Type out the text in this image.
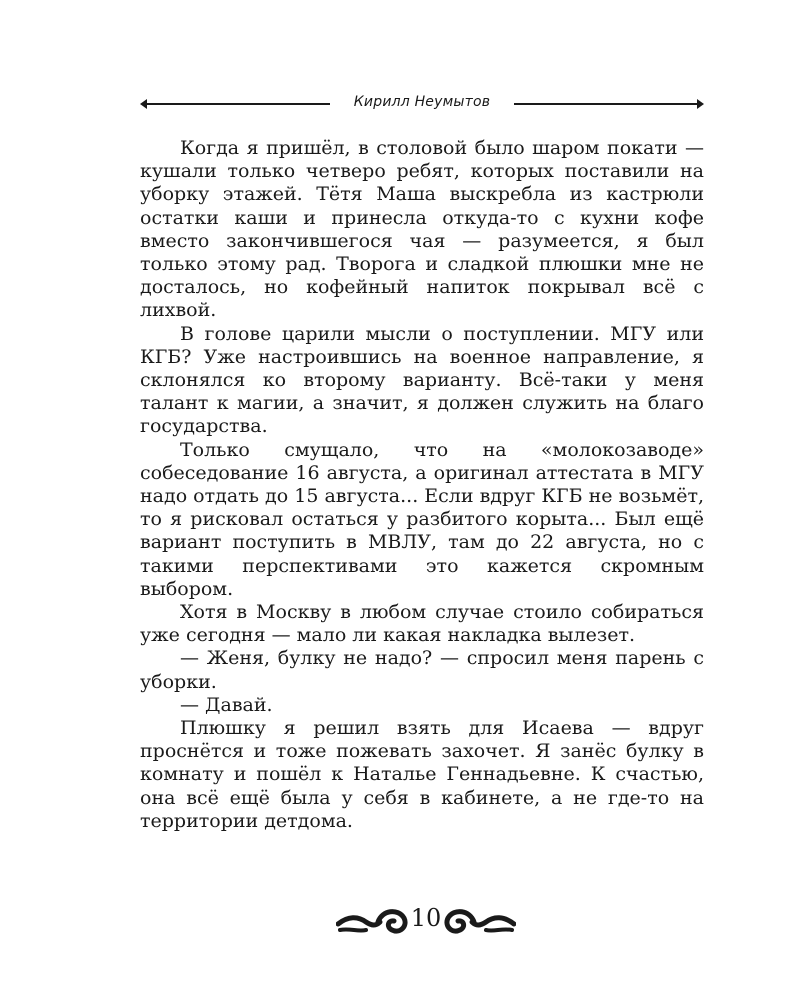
Кирилл Неумытов

Когда я пришёл, в столовой было шаром покати — кушали только четверо ребят, которых поставили на уборку этажей. Тётя Маша выскребла из кастрюли остатки каши и принесла откуда-то с кухни кофе вместо закончившегося чая — разумеется, я был только этому рад. Творога и сладкой плюшки мне не досталось, но кофейный напиток покрывал всё с лихвой.

В голове царили мысли о поступлении. МГУ или КГБ? Уже настроившись на военное направление, я склонялся ко второму варианту. Всё-таки у меня талант к магии, а значит, я должен служить на благо государства.

Только смущало, что на «молокозаводе» собеседование 16 августа, а оригинал аттестата в МГУ надо отдать до 15 августа... Если вдруг КГБ не возьмёт, то я рисковал остаться у разбитого корыта... Был ещё вариант поступить в МВЛУ, там до 22 августа, но с такими перспективами это кажется скромным выбором.

Хотя в Москву в любом случае стоило собираться уже сегодня — мало ли какая накладка вылезет.

— Женя, булку не надо? — спросил меня парень с уборки.

— Давай.

Плюшку я решил взять для Исаева — вдруг проснётся и тоже пожевать захочет. Я занёс булку в комнату и пошёл к Наталье Геннадьевне. К счастью, она всё ещё была у себя в кабинете, а не где-то на территории детдома.

10
